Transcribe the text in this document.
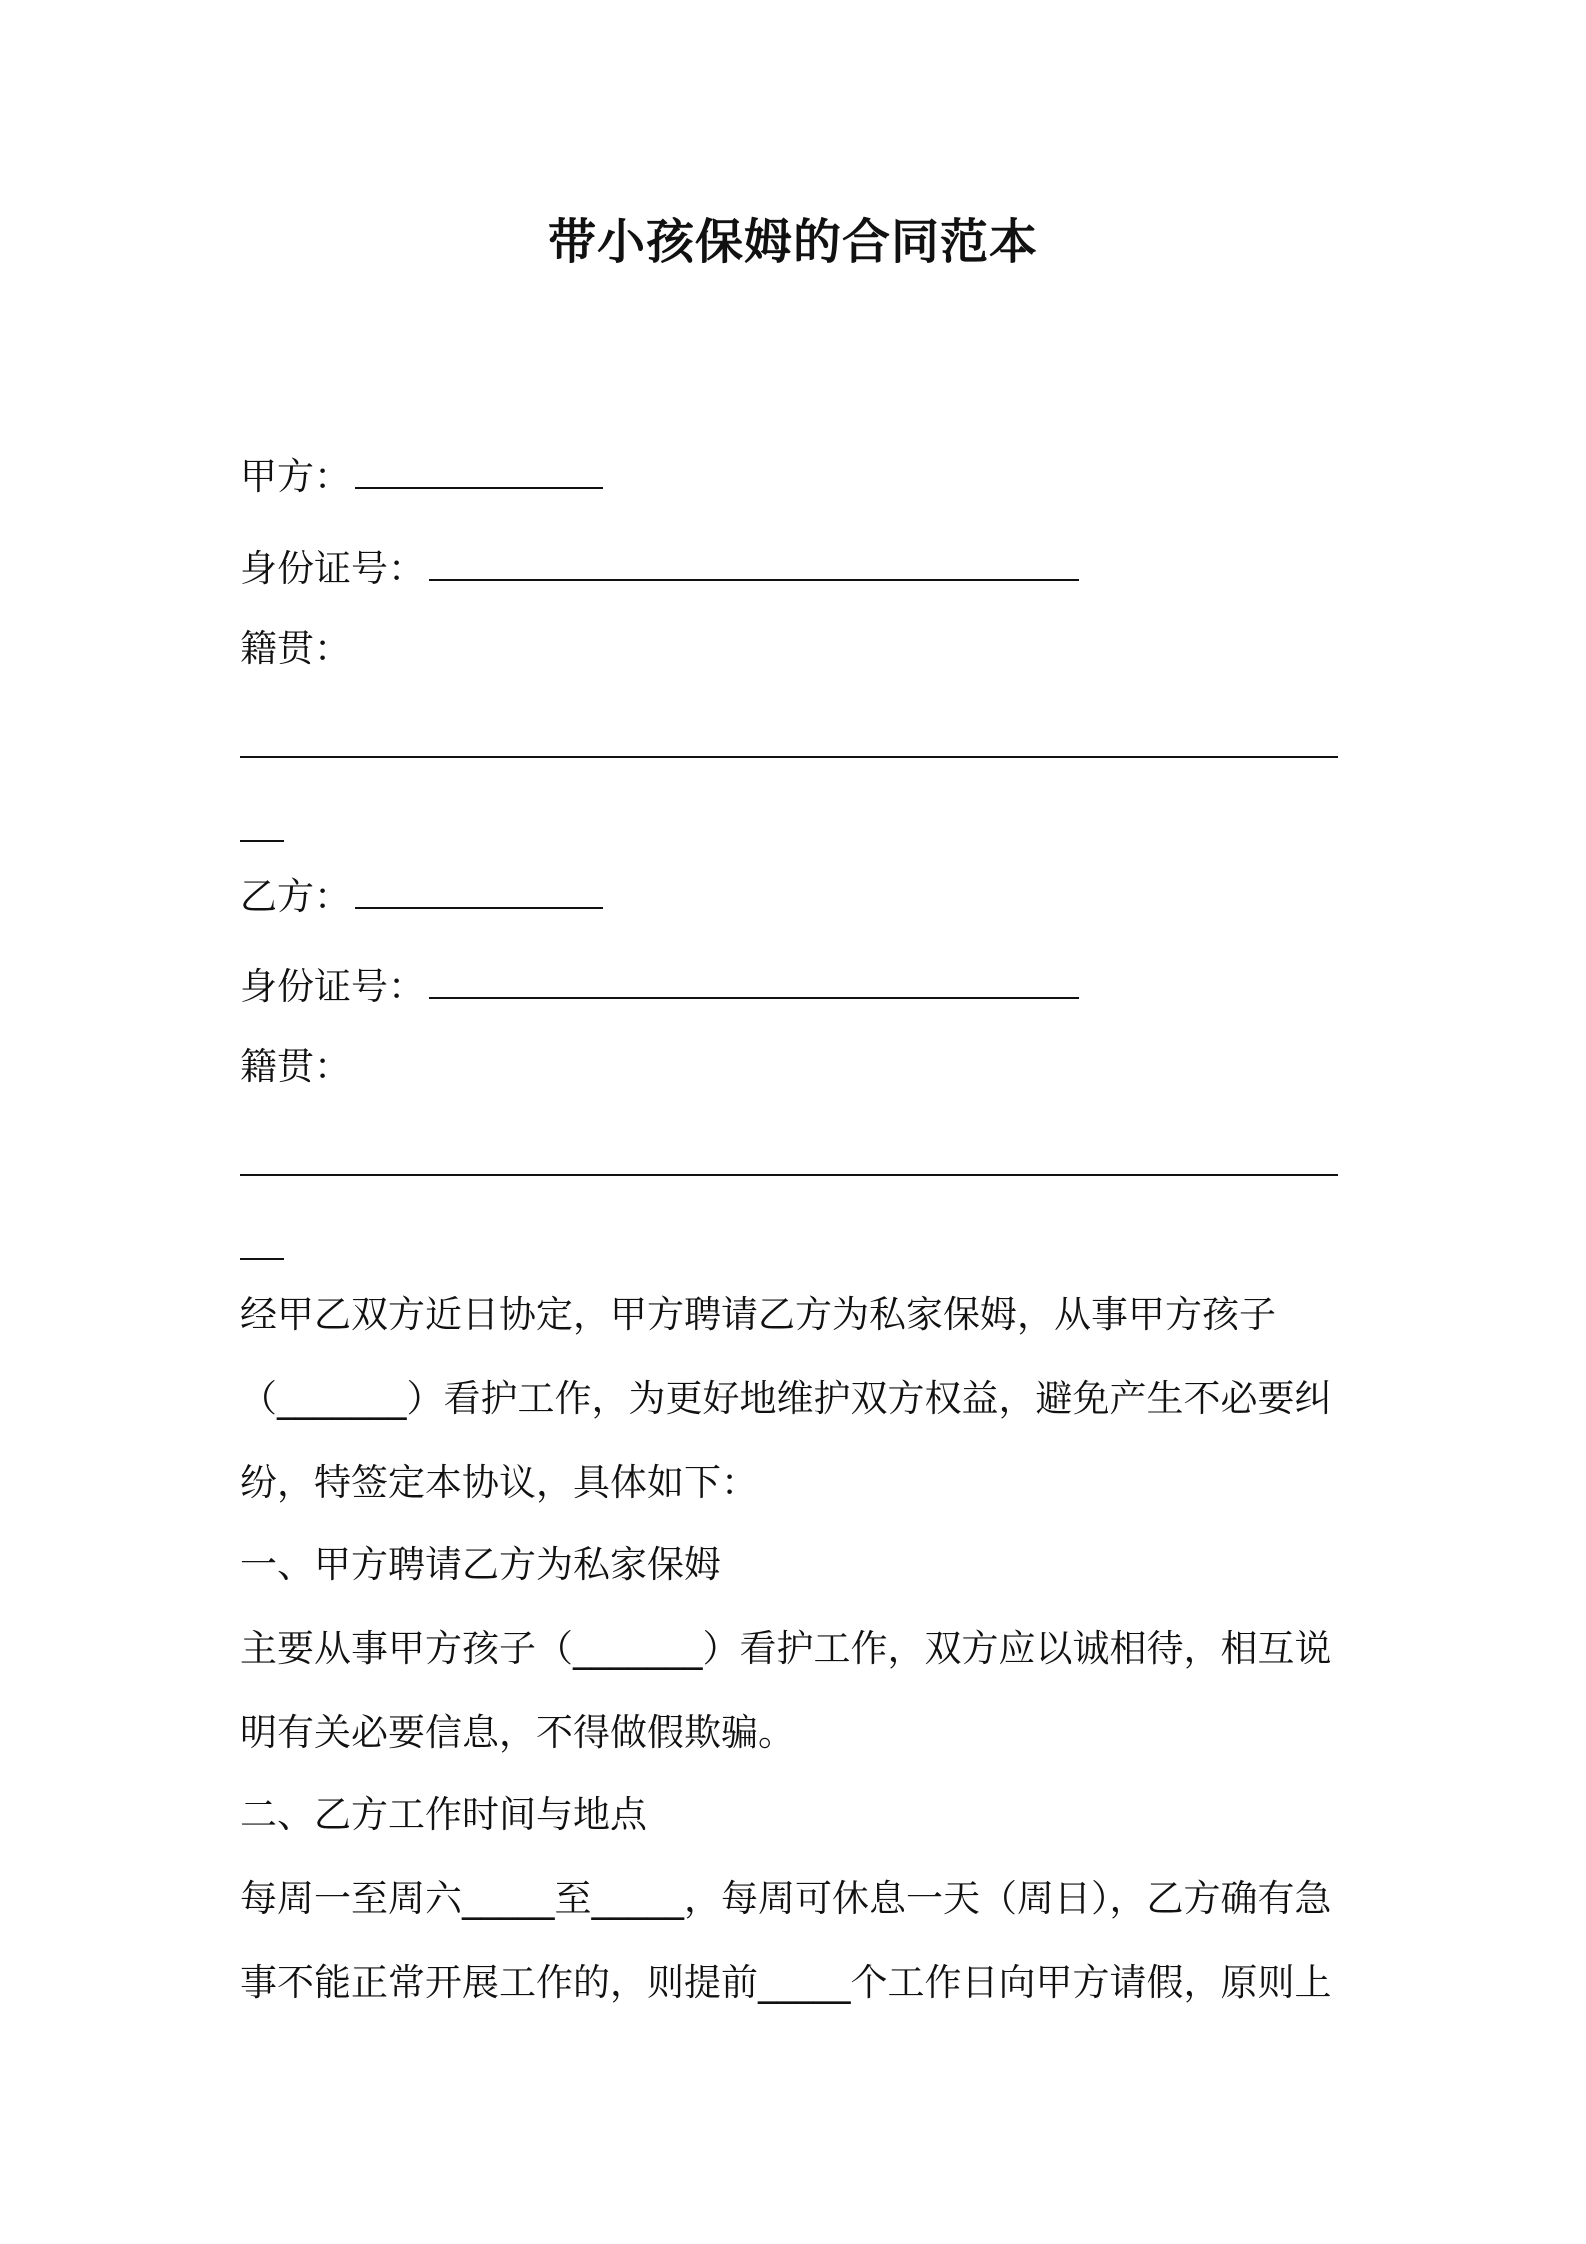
带小孩保姆的合同范本
甲方：
身份证号：
籍贯：
乙方：
身份证号：
籍贯：
经甲乙双方近日协定，甲方聘请乙方为私家保姆，从事甲方孩子
（_______）看护工作，为更好地维护双方权益，避免产生不必要纠
纷，特签定本协议，具体如下：
一、甲方聘请乙方为私家保姆
主要从事甲方孩子（_______）看护工作，双方应以诚相待，相互说
明有关必要信息，不得做假欺骗。
二、乙方工作时间与地点
每周一至周六_____至_____，每周可休息一天（周日），乙方确有急
事不能正常开展工作的，则提前_____个工作日向甲方请假，原则上
